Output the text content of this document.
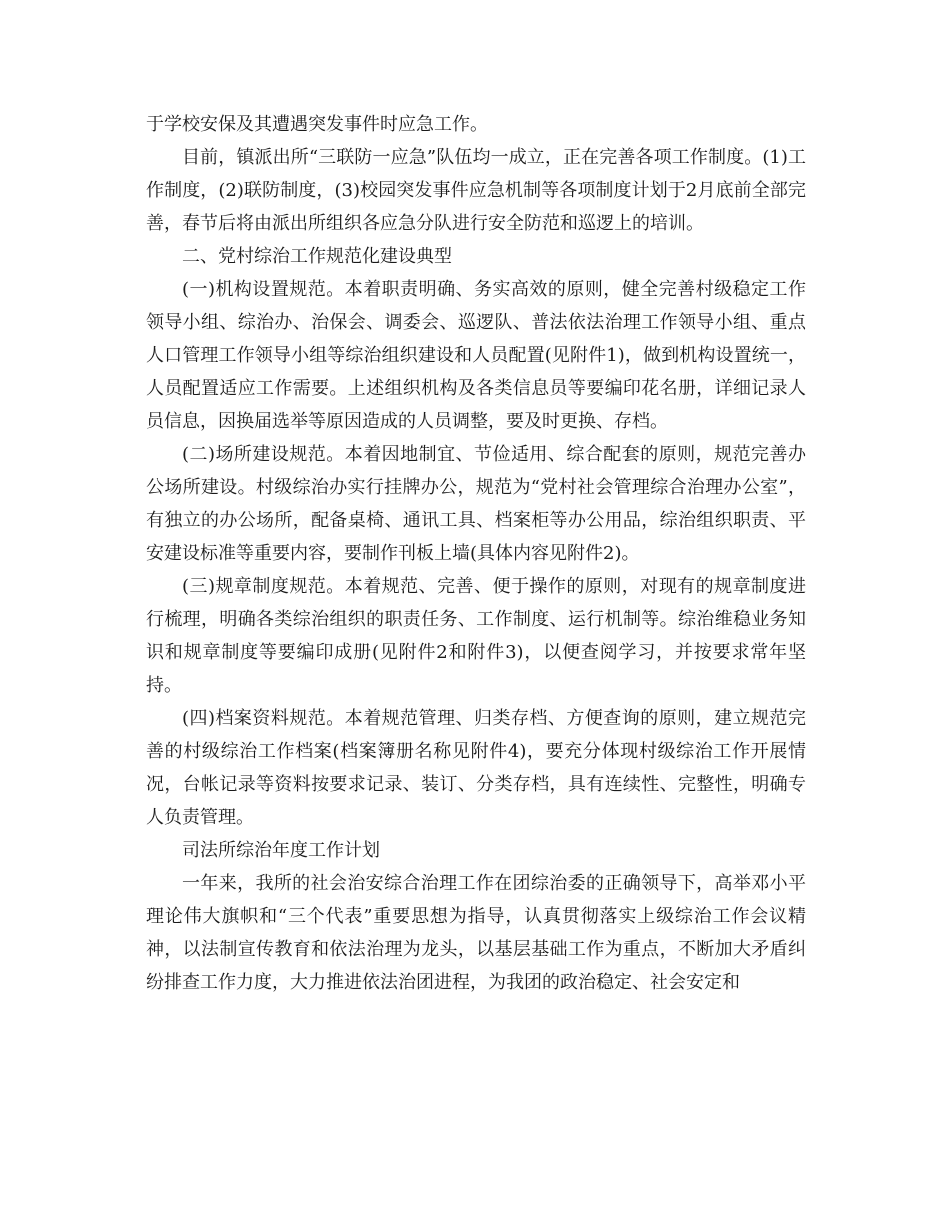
于学校安保及其遭遇突发事件时应急工作。

目前，镇派出所“三联防一应急”队伍均一成立，正在完善各项工作制度。(1)工作制度，(2)联防制度，(3)校园突发事件应急机制等各项制度计划于2月底前全部完善，春节后将由派出所组织各应急分队进行安全防范和巡逻上的培训。

二、党村综治工作规范化建设典型

(一)机构设置规范。本着职责明确、务实高效的原则，健全完善村级稳定工作领导小组、综治办、治保会、调委会、巡逻队、普法依法治理工作领导小组、重点人口管理工作领导小组等综治组织建设和人员配置(见附件1)，做到机构设置统一，人员配置适应工作需要。上述组织机构及各类信息员等要编印花名册，详细记录人员信息，因换届选举等原因造成的人员调整，要及时更换、存档。

(二)场所建设规范。本着因地制宜、节俭适用、综合配套的原则，规范完善办公场所建设。村级综治办实行挂牌办公，规范为“党村社会管理综合治理办公室”，有独立的办公场所，配备桌椅、通讯工具、档案柜等办公用品，综治组织职责、平安建设标准等重要内容，要制作刊板上墙(具体内容见附件2)。

(三)规章制度规范。本着规范、完善、便于操作的原则，对现有的规章制度进行梳理，明确各类综治组织的职责任务、工作制度、运行机制等。综治维稳业务知识和规章制度等要编印成册(见附件2和附件3)，以便查阅学习，并按要求常年坚持。

(四)档案资料规范。本着规范管理、归类存档、方便查询的原则，建立规范完善的村级综治工作档案(档案簿册名称见附件4)，要充分体现村级综治工作开展情况，台帐记录等资料按要求记录、装订、分类存档，具有连续性、完整性，明确专人负责管理。

司法所综治年度工作计划

一年来，我所的社会治安综合治理工作在团综治委的正确领导下，高举邓小平理论伟大旗帜和“三个代表”重要思想为指导，认真贯彻落实上级综治工作会议精神，以法制宣传教育和依法治理为龙头，以基层基础工作为重点，不断加大矛盾纠纷排查工作力度，大力推进依法治团进程，为我团的政治稳定、社会安定和
